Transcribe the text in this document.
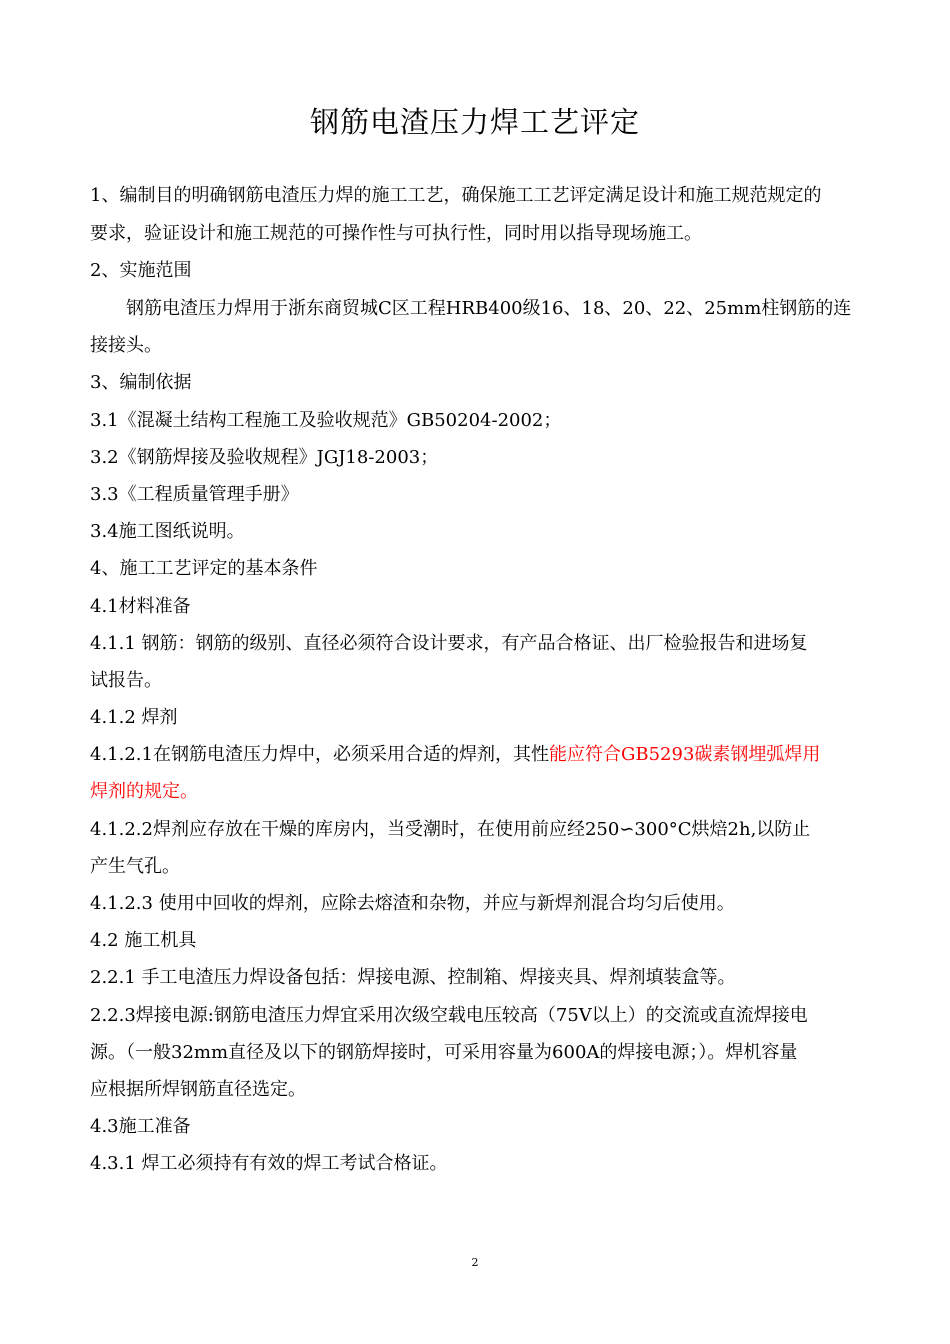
钢筋电渣压力焊工艺评定
1、编制目的明确钢筋电渣压力焊的施工工艺，确保施工工艺评定满足设计和施工规范规定的
要求，验证设计和施工规范的可操作性与可执行性，同时用以指导现场施工。
2、实施范围
钢筋电渣压力焊用于浙东商贸城C区工程HRB400级16、18、20、22、25mm柱钢筋的连
接接头。
3、编制依据
3.1《混凝土结构工程施工及验收规范》GB50204-2002；
3.2《钢筋焊接及验收规程》JGJ18-2003；
3.3《工程质量管理手册》
3.4施工图纸说明。
4、施工工艺评定的基本条件
4.1材料准备
4.1.1 钢筋：钢筋的级别、直径必须符合设计要求，有产品合格证、出厂检验报告和进场复
试报告。
4.1.2 焊剂
4.1.2.1在钢筋电渣压力焊中，必须采用合适的焊剂，其性能应符合GB5293碳素钢埋弧焊用
焊剂的规定。
4.1.2.2焊剂应存放在干燥的库房内，当受潮时，在使用前应经250∽300°C烘焙2h,以防止
产生气孔。
4.1.2.3 使用中回收的焊剂，应除去熔渣和杂物，并应与新焊剂混合均匀后使用。
4.2 施工机具
2.2.1 手工电渣压力焊设备包括：焊接电源、控制箱、焊接夹具、焊剂填装盒等。
2.2.3焊接电源:钢筋电渣压力焊宜采用次级空载电压较高（75V以上）的交流或直流焊接电
源。（一般32mm直径及以下的钢筋焊接时，可采用容量为600A的焊接电源；）。焊机容量
应根据所焊钢筋直径选定。
4.3施工准备
4.3.1 焊工必须持有有效的焊工考试合格证。
2
